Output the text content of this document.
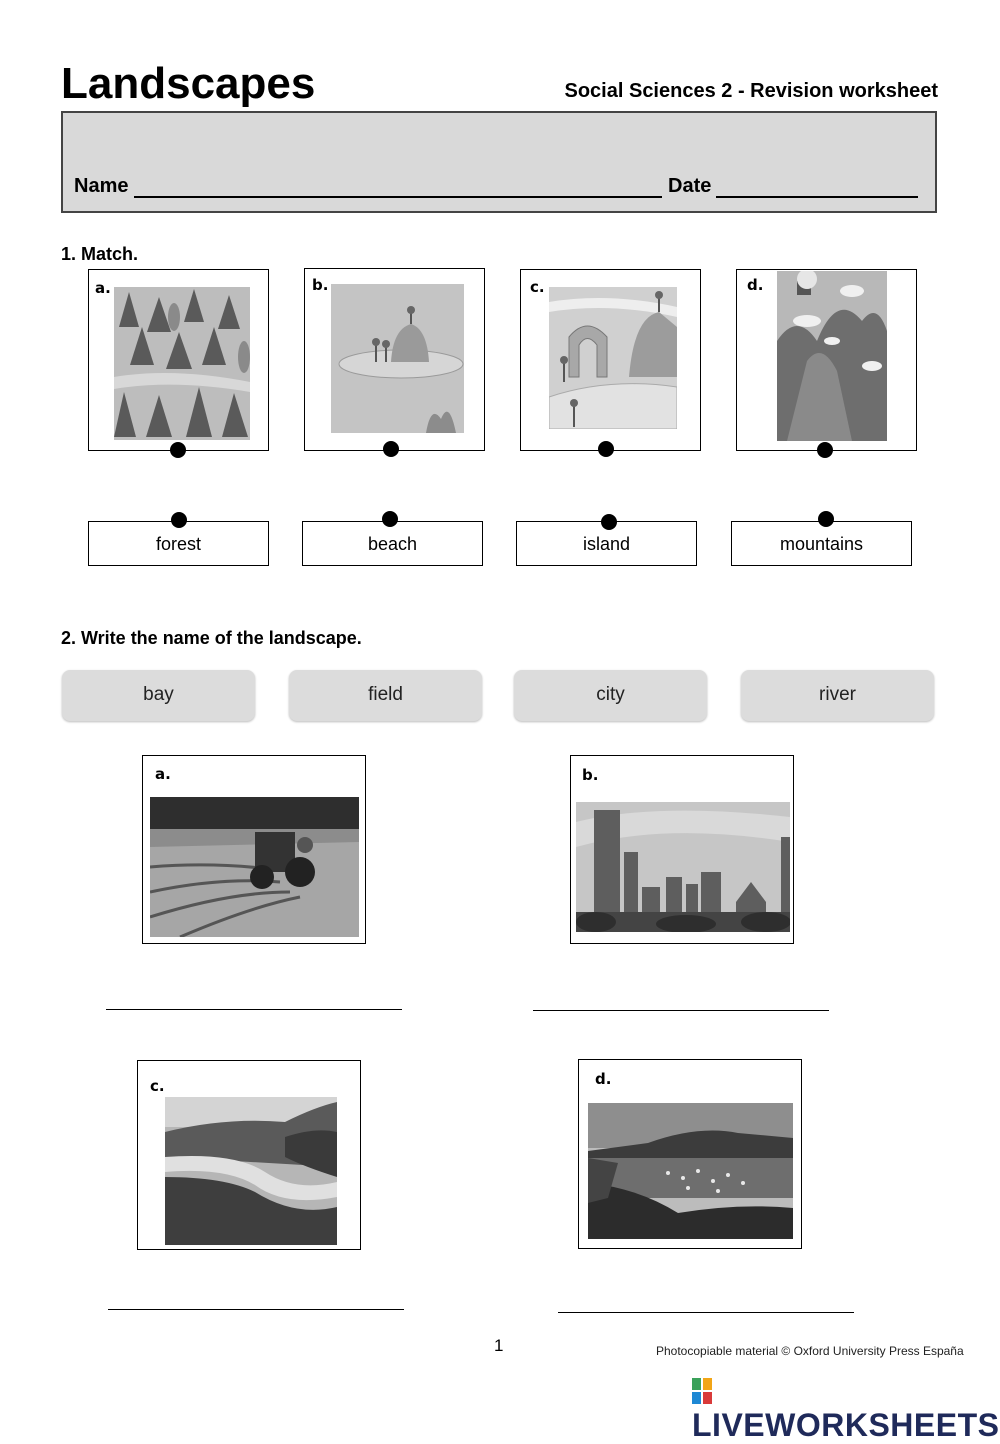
Landscapes	Social Sciences 2 - Revision worksheet
Name	Date
1. Match.
a.	b.	c.	d.
forest	beach	island	mountains
2. Write the name of the landscape.
bay	field	city	river
a.	b.
c.	d.
1	Photocopiable material © Oxford University Press España
LIVEWORKSHEETS
